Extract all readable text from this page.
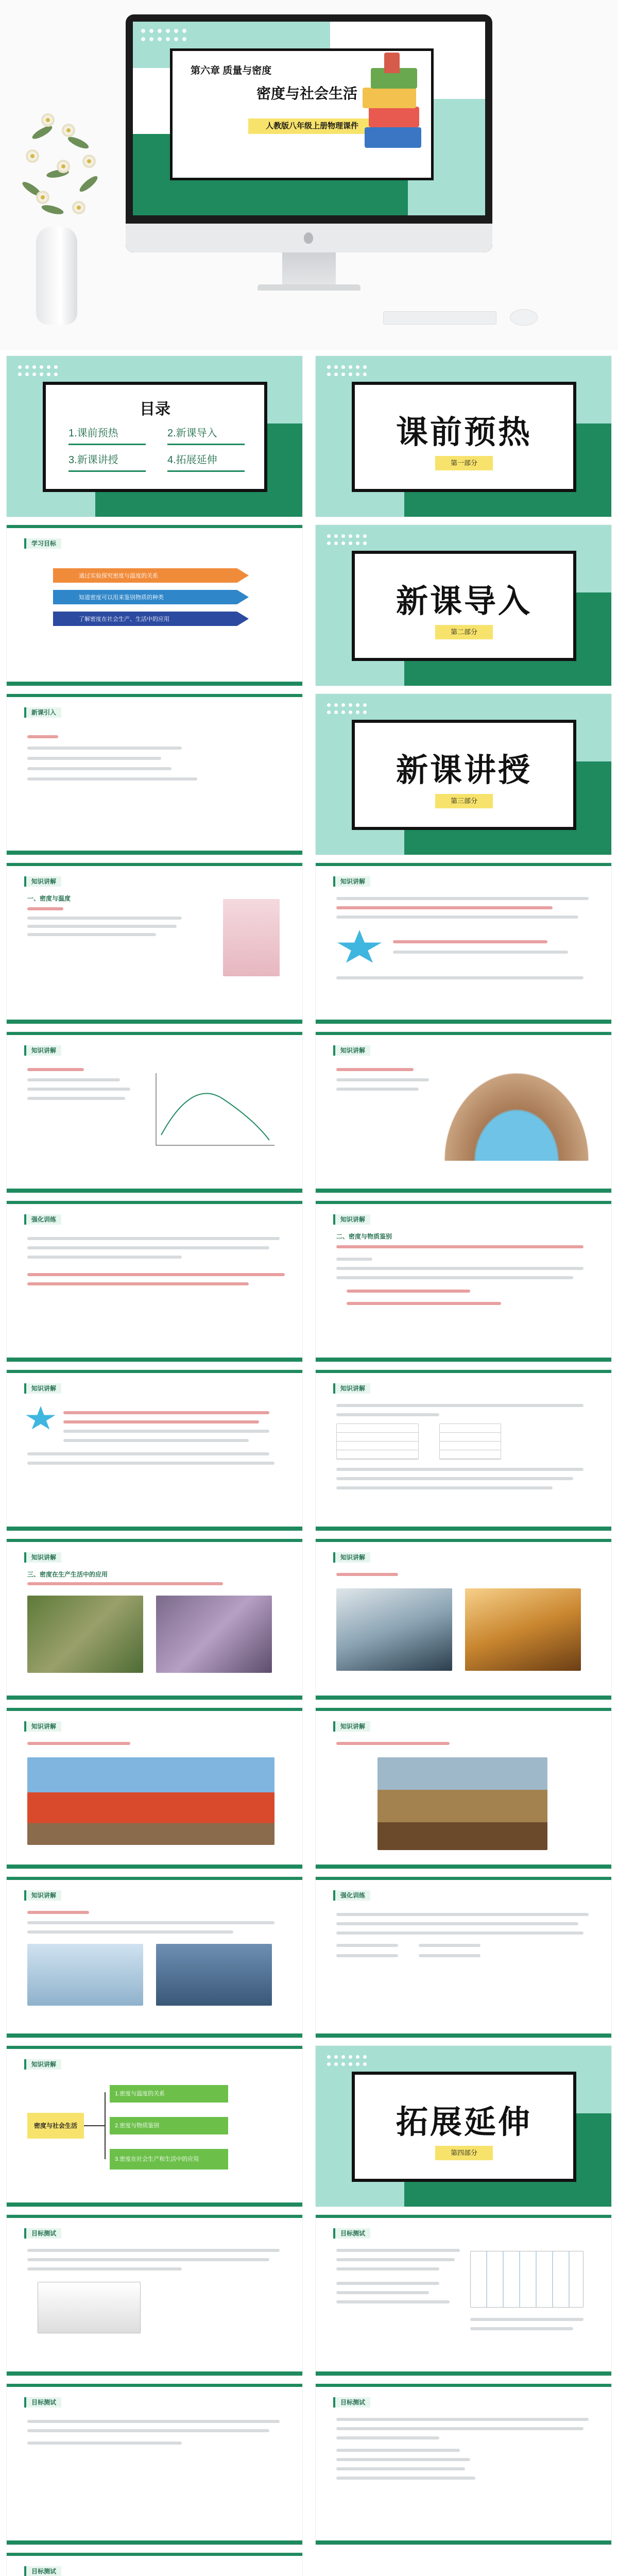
第六章 质量与密度
密度与社会生活
人教版八年级上册物理课件
目录
1.课前预热	2.新课导入
3.新课讲授	4.拓展延伸
课前预热
第一部分
学习目标
通过实验探究密度与温度的关系
知道密度可以用来鉴别物质的种类
了解密度在社会生产、生活中的应用	新课导入
第二部分
新课引入
新课讲授
第三部分
知识讲解
一、密度与温度
知识讲解
知识讲解	知识讲解
强化训练	知识讲解
二、密度与物质鉴别
知识讲解	知识讲解
知识讲解
三、密度在生产生活中的应用
知识讲解
知识讲解	知识讲解
知识讲解	强化训练
知识讲解
密度与社会生活
1.密度与温度的关系
2.密度与物质鉴别
3.密度在社会生产和生活中的应用
拓展延伸
第四部分
目标测试	目标测试
目标测试	目标测试
目标测试
